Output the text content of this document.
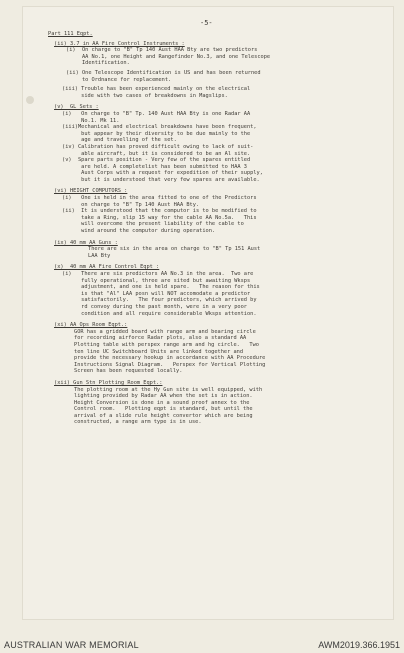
-5-
Part 111 Eqpt.
(ii) 3.7 in AA Fire Control Instruments :
(i)  On charge to "B" Tp 140 Aust HAA Bty are two predictors
AA No.1, one Height and Rangefinder No.3, and one Telescope
Identification.
(ii) One Telescope Identification is US and has been returned
to Ordnance for replacement.
(iii) Trouble has been experienced mainly on the electrical
side with two cases of breakdowns in Magslips.
(v)  GL Sets :
(i)   On charge to "B" Tp. 140 Aust HAA Bty is one Radar AA
No.1. Mk 11.
(iii)Mechanical and electrical breakdowns have been frequent,
but appear by their diversity to be due mainly to the
age and travelling of the set.
(iv) Calibration has proved difficult owing to lack of suit-
able aircraft, but it is considered to be an Al site.
(v)  Spare parts position - Very few of the spares entitled
are held. A completelist has been submitted to HAA 3
Aust Corps with a request for expedition of their supply,
but it is understood that very few spares are available.
(vi) HEIGHT COMPUTORS :
(i)   One is held in the area fitted to one of the Predictors
on charge to "B" Tp 140 Aust HAA Bty.
(ii)  It is understood that the computor is to be modified to
take a Ring, slip 15 way for the cable AA No.5a.   This
will overcome the present liability of the cable to
wind around the computor during operation.
(ix) 40 mm AA Guns :
There are six in the area on charge to "B" Tp 151 Aust
LAA Bty
(x)  40 mm AA Fire Control Eqpt :
(i)   There are six predictors AA No.3 in the area.  Two are
fully operational, three are sited but awaiting Wksps
adjustment, and one is held spare.   The reason for this
is that "Al" LAA posn will NOT accomodate a predictor
satisfactorily.   The four predictors, which arrived by
rd convoy during the past month, were in a very poor
condition and all require considerable Wksps attention.
(xi) AA Ops Room Eqpt.:
GOR has a gridded board with range arm and bearing circle
for recording airforce Radar plots, also a standard AA
Plotting table with perspex range arm and hg circle.   Two
ten line UC Switchboard Units are linked together and
provide the necessary hookup in accordance with AA Procedure
Instructions Signal Diagram.   Perspex for Vertical Plotting
Screen has been requested locally.
(xii) Gun Stn Plotting Room Eqpt.:
The plotting room at the Hy Gun site is well equipped, with
lighting provided by Radar AA when the set is in action.
Height Conversion is done in a sound proof annex to the
Control room.   Plotting eqpt is standard, but until the
arrival of a slide rule height convertor which are being
constructed, a range arm type is in use.
AUSTRALIAN WAR MEMORIAL	AWM2019.366.1951
